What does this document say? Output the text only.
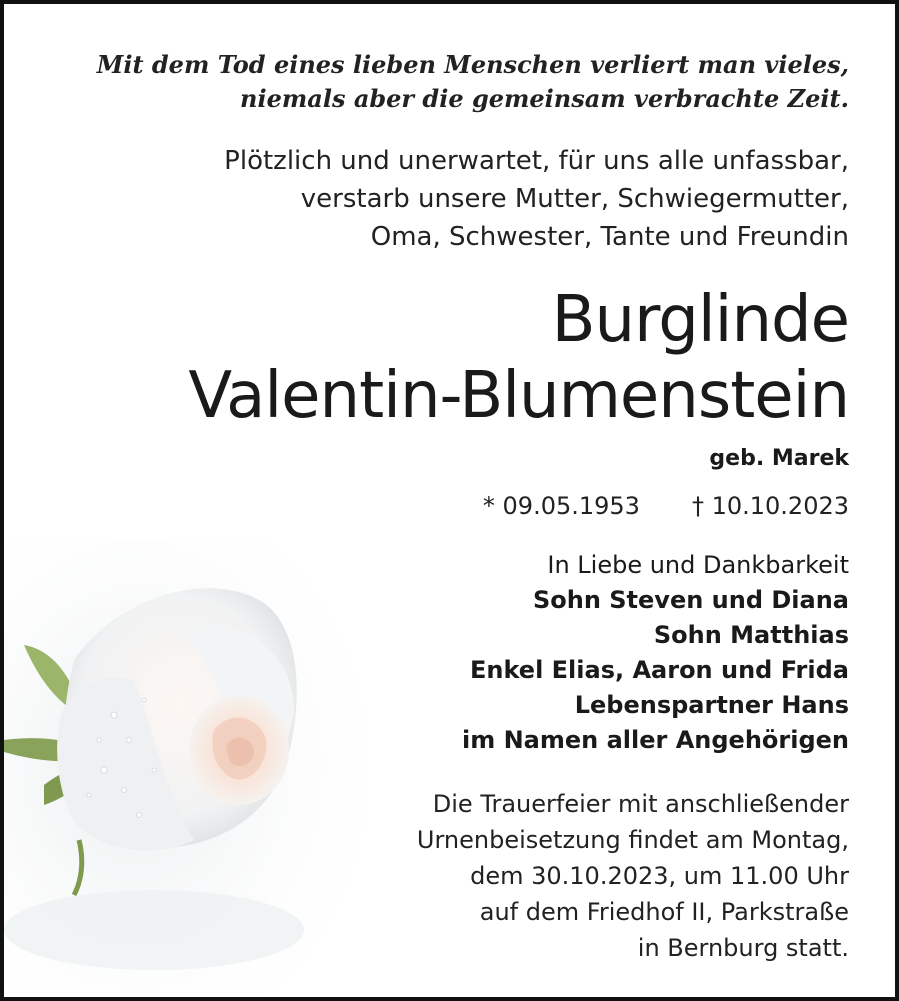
Mit dem Tod eines lieben Menschen verliert man vieles,
niemals aber die gemeinsam verbrachte Zeit.
Plötzlich und unerwartet, für uns alle unfassbar,
verstarb unsere Mutter, Schwiegermutter,
Oma, Schwester, Tante und Freundin
Burglinde
Valentin-Blumenstein
geb. Marek
* 09.05.1953 † 10.10.2023
In Liebe und Dankbarkeit
Sohn Steven und Diana
Sohn Matthias
Enkel Elias, Aaron und Frida
Lebenspartner Hans
im Namen aller Angehörigen
Die Trauerfeier mit anschließender
Urnenbeisetzung findet am Montag,
dem 30.10.2023, um 11.00 Uhr
auf dem Friedhof II, Parkstraße
in Bernburg statt.
